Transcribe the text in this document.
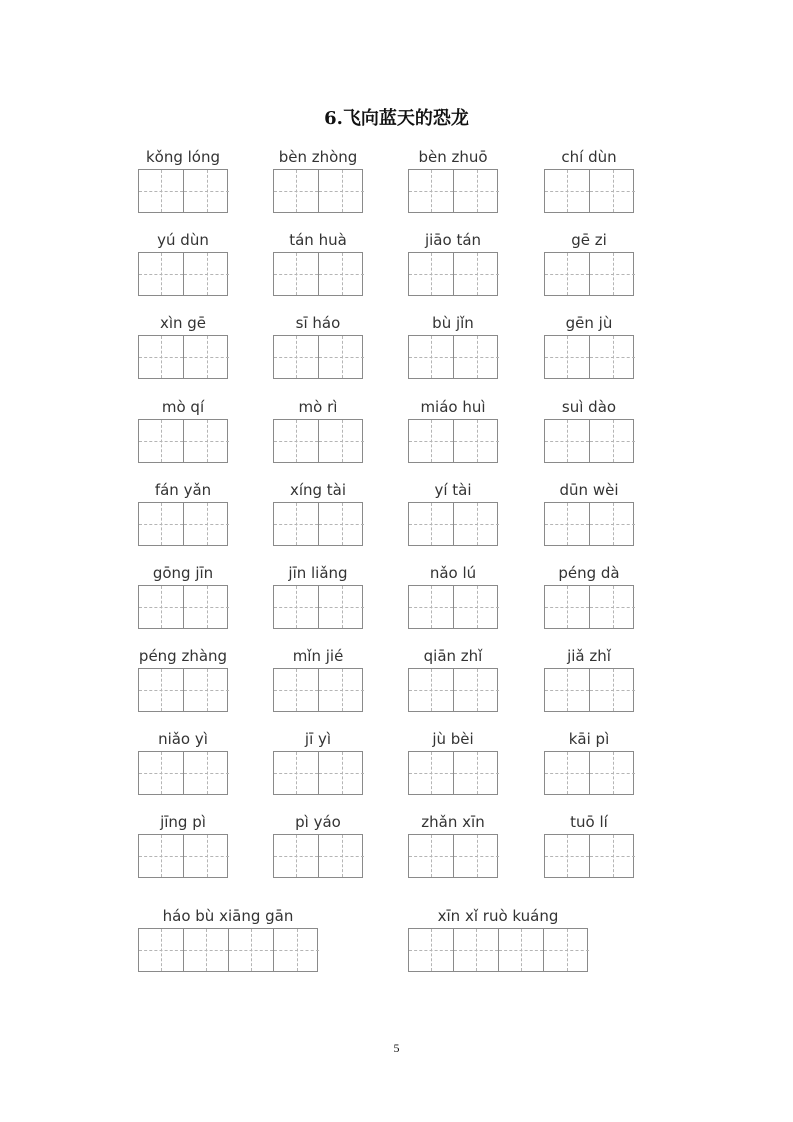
6.飞向蓝天的恐龙
kǒng lóng	bèn zhòng	bèn zhuō	chí dùn
yú dùn	tán huà	jiāo tán	gē zi
xìn gē	sī háo	bù jǐn	gēn jù
mò qí	mò rì	miáo huì	suì dào
fán yǎn	xíng tài	yí tài	dūn wèi
gōng jīn	jīn liǎng	nǎo lú	péng dà
péng zhàng	mǐn jié	qiān zhǐ	jiǎ zhǐ
niǎo yì	jī yì	jù bèi	kāi pì
jīng pì	pì yáo	zhǎn xīn	tuō lí
háo bù xiāng gān	xīn xǐ ruò kuáng
5
